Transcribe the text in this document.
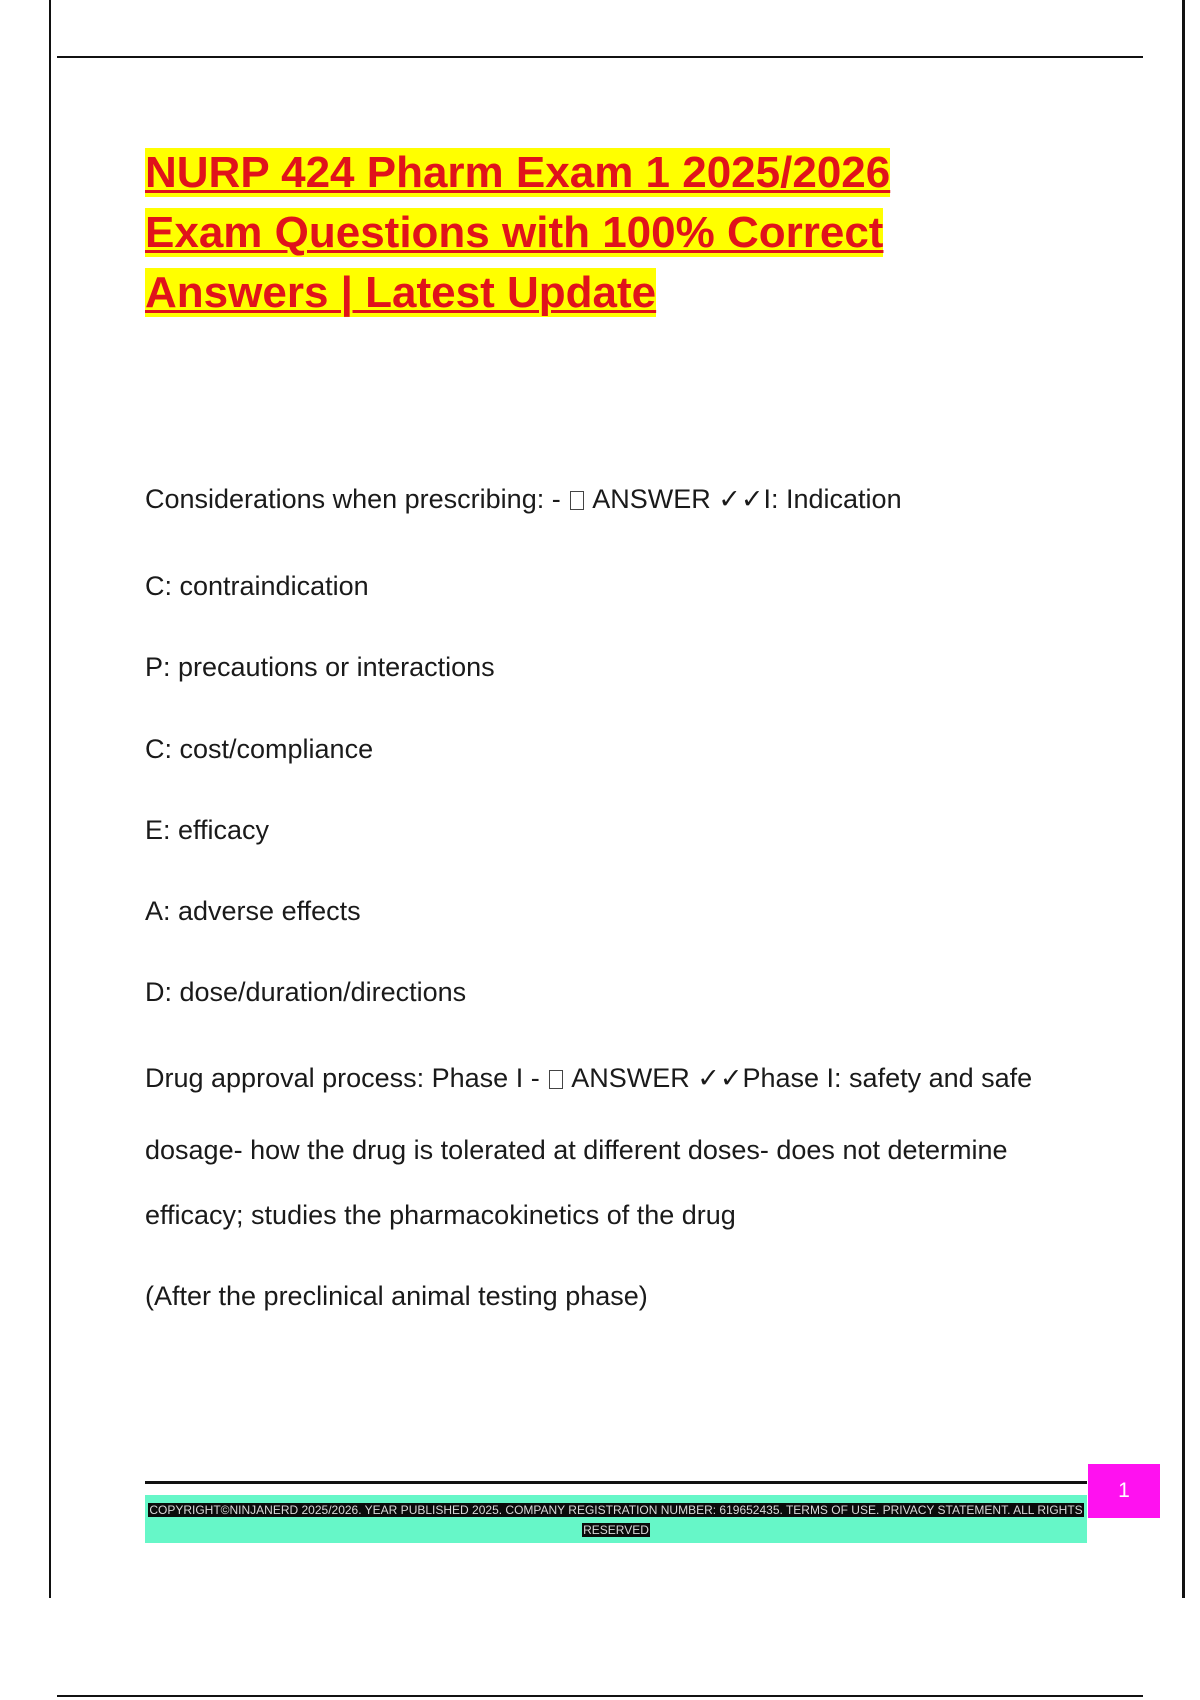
NURP 424 Pharm Exam 1 2025/2026
Exam Questions with 100% Correct
Answers | Latest Update
Considerations when prescribing: -  ANSWER ✓✓I: Indication
C: contraindication
P: precautions or interactions
C: cost/compliance
E: efficacy
A: adverse effects
D: dose/duration/directions
Drug approval process: Phase I -  ANSWER ✓✓Phase I: safety and safe
dosage- how the drug is tolerated at different doses- does not determine
efficacy; studies the pharmacokinetics of the drug
(After the preclinical animal testing phase)
COPYRIGHT©NINJANERD 2025/2026. YEAR PUBLISHED 2025. COMPANY REGISTRATION NUMBER: 619652435. TERMS OF USE. PRIVACY STATEMENT. ALL RIGHTS RESERVED
1
